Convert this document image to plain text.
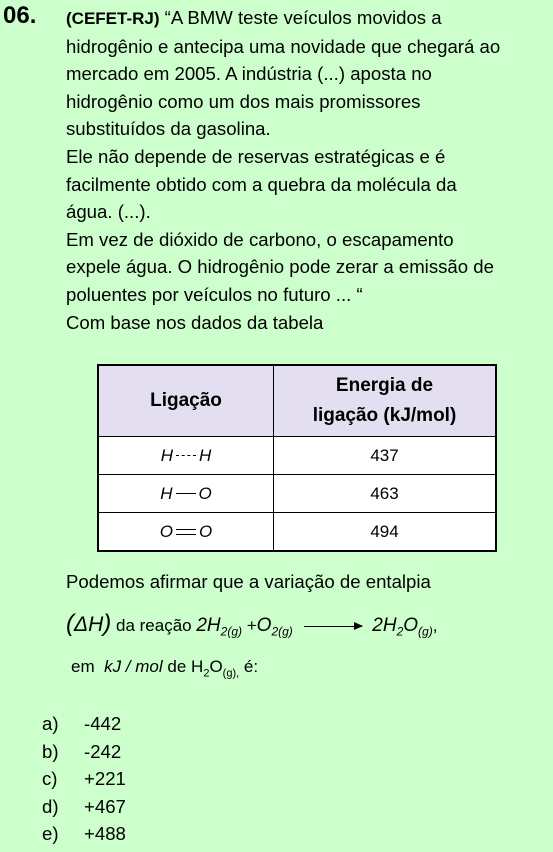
06. (CEFET-RJ) “A BMW teste veículos movidos a
hidrogênio e antecipa uma novidade que chegará ao
mercado em 2005. A indústria (...) aposta no
hidrogênio como um dos mais promissores
substituídos da gasolina.
Ele não depende de reservas estratégicas e é
facilmente obtido com a quebra da molécula da
água. (...).
Em vez de dióxido de carbono, o escapamento
expele água. O hidrogênio pode zerar a emissão de
poluentes por veículos no futuro ... “
Com base nos dados da tabela
Ligação	Energia de
ligação (kJ/mol)

H H	437

H O	463

O O	494
Podemos afirmar que a variação de entalpia
(ΔH) da reação $2H_{2(g)} +O_{2(g)} \to 2H_2O_{(g)}$,
em kJ / mol de $H_2O_{(g),}$ é:
a)	-442
b)	-242
c)	+221
d)	+467
e)	+488
